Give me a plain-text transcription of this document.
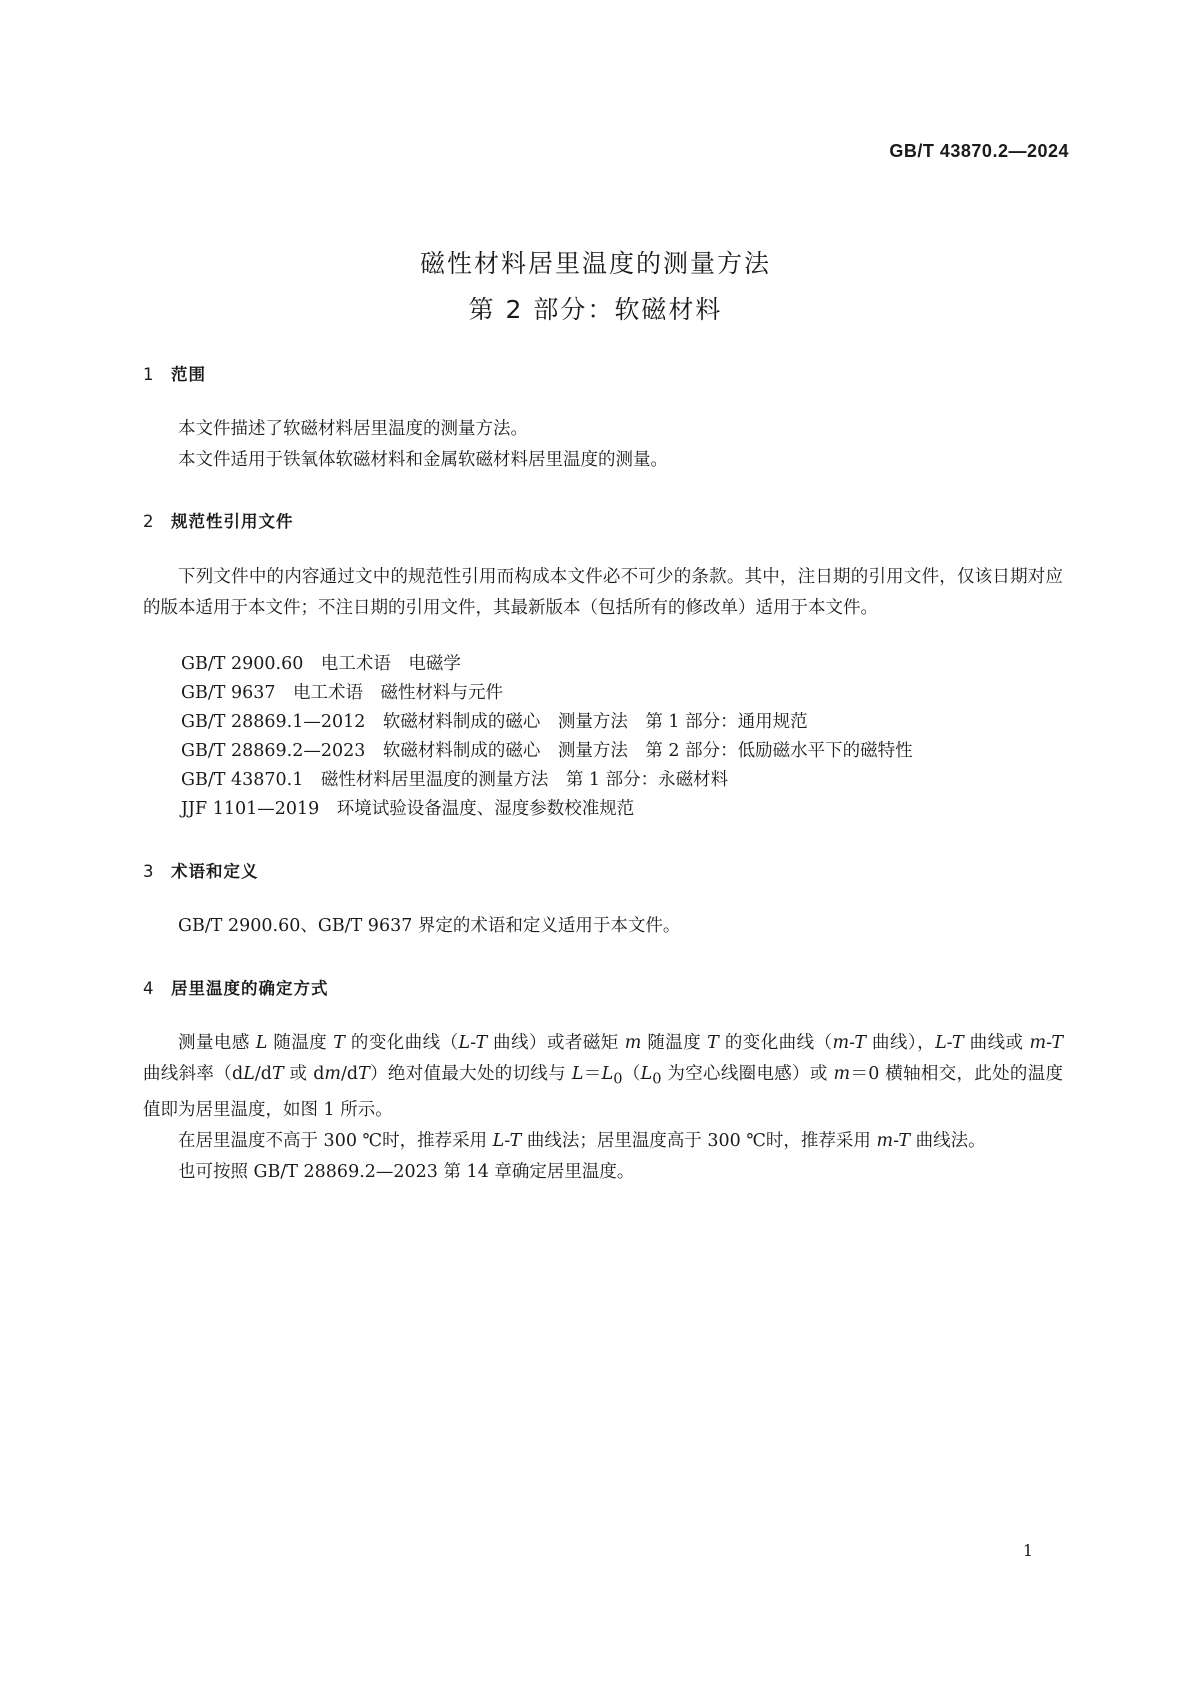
GB/T 43870.2—2024
磁性材料居里温度的测量方法
第 2 部分：软磁材料
1 范围

本文件描述了软磁材料居里温度的测量方法。

本文件适用于铁氧体软磁材料和金属软磁材料居里温度的测量。

2 规范性引用文件

下列文件中的内容通过文中的规范性引用而构成本文件必不可少的条款。其中，注日期的引用文件，仅该日期对应的版本适用于本文件；不注日期的引用文件，其最新版本（包括所有的修改单）适用于本文件。

GB/T 2900.60　电工术语　电磁学
GB/T 9637　电工术语　磁性材料与元件
GB/T 28869.1—2012　软磁材料制成的磁心　测量方法　第 1 部分：通用规范
GB/T 28869.2—2023　软磁材料制成的磁心　测量方法　第 2 部分：低励磁水平下的磁特性
GB/T 43870.1　磁性材料居里温度的测量方法　第 1 部分：永磁材料
JJF 1101—2019　环境试验设备温度、湿度参数校准规范
3 术语和定义

GB/T 2900.60、GB/T 9637 界定的术语和定义适用于本文件。

4 居里温度的确定方式

测量电感 L 随温度 T 的变化曲线（L-T 曲线）或者磁矩 m 随温度 T 的变化曲线（m-T 曲线），L-T 曲线或 m-T 曲线斜率（dL/dT 或 dm/dT）绝对值最大处的切线与 $L=L_0(L_0$ 为空心线圈电感）或 m＝0 横轴相交，此处的温度值即为居里温度，如图 1 所示。

在居里温度不高于 300 ℃时，推荐采用 L-T 曲线法；居里温度高于 300 ℃时，推荐采用 m-T 曲线法。

也可按照 GB/T 28869.2—2023 第 14 章确定居里温度。

1
